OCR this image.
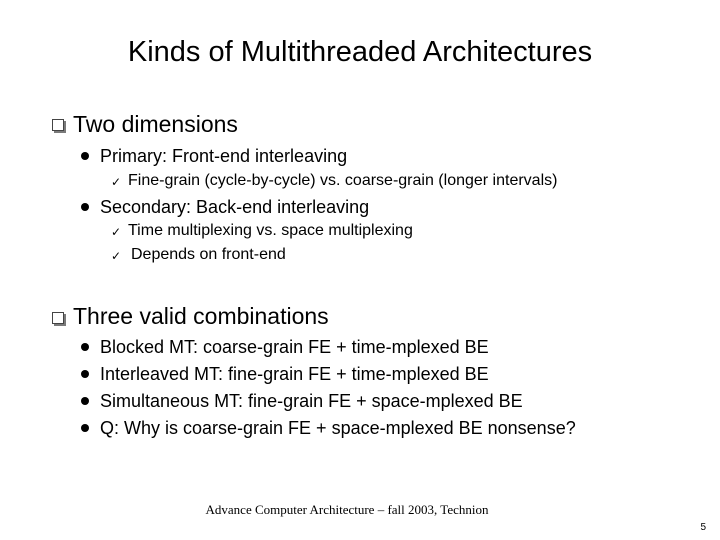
Kinds of Multithreaded Architectures
Two dimensions
Primary: Front-end interleaving
✓ Fine-grain (cycle-by-cycle) vs. coarse-grain (longer intervals)
Secondary: Back-end interleaving
✓ Time multiplexing vs. space multiplexing
✓ Depends on front-end
Three valid combinations
Blocked MT: coarse-grain FE + time-mplexed BE
Interleaved MT: fine-grain FE + time-mplexed BE
Simultaneous MT: fine-grain FE + space-mplexed BE
Q: Why is coarse-grain FE + space-mplexed BE nonsense?
Advance Computer Architecture – fall 2003, Technion
5
